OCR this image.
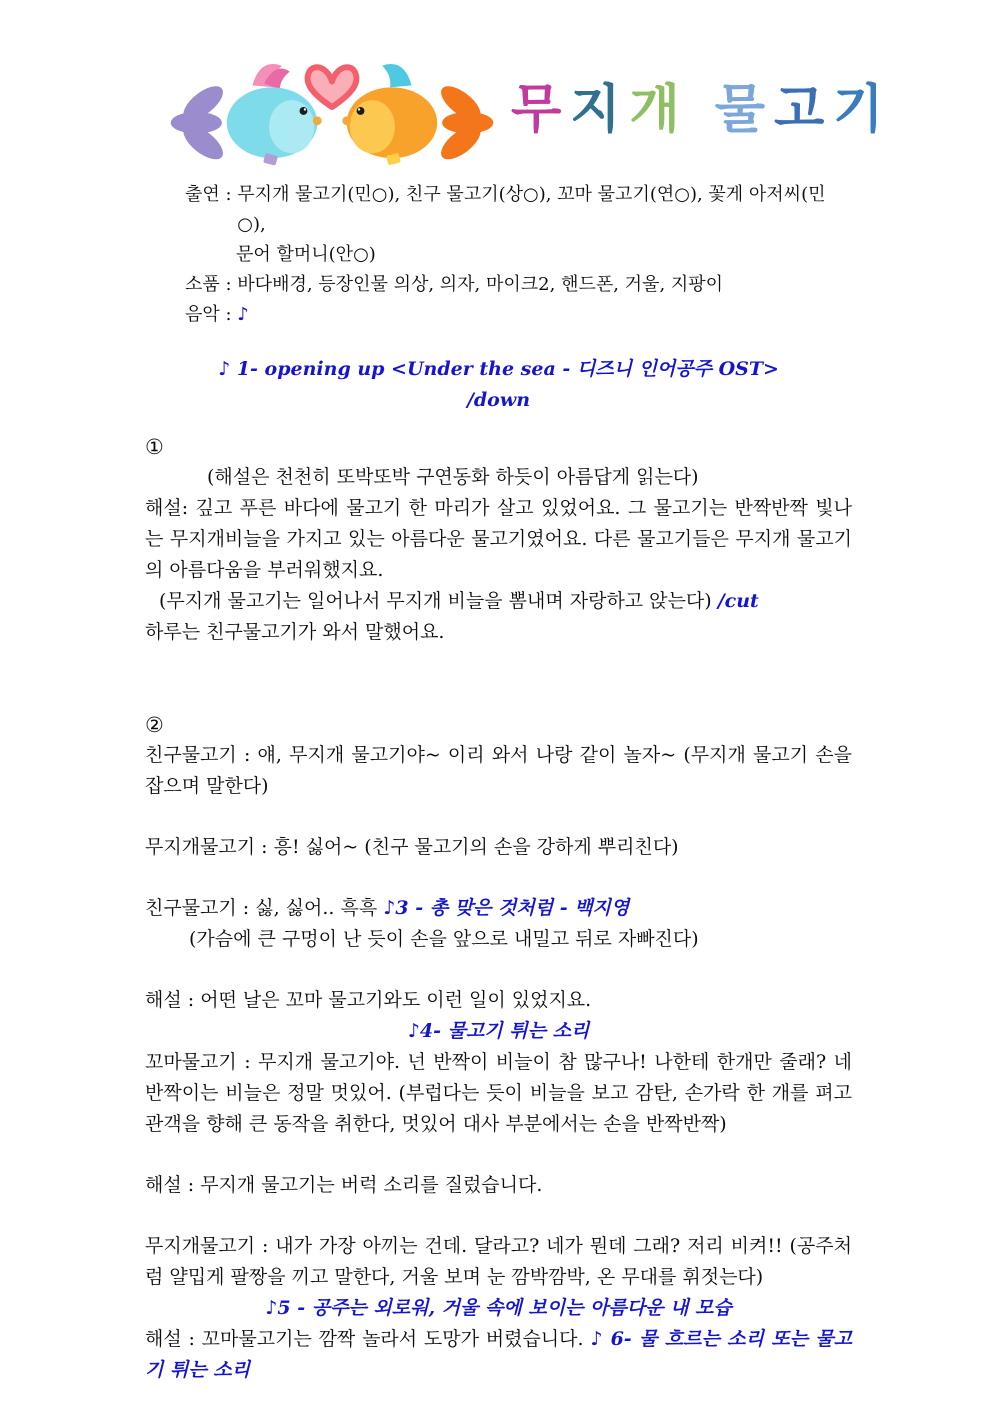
무 지 개 물 고 기
출연 : 무지개 물고기(민○), 친구 물고기(상○), 꼬마 물고기(연○), 꽃게 아저씨(민○),
문어 할머니(안○)
소품 : 바다배경, 등장인물 의상, 의자, 마이크2, 핸드폰, 거울, 지팡이
음악 : ♪

♪ 1- opening up <Under the sea - 디즈니 인어공주 OST>

/down

①

(해설은 천천히 또박또박 구연동화 하듯이 아름답게 읽는다)

해설: 깊고 푸른 바다에 물고기 한 마리가 살고 있었어요. 그 물고기는 반짝반짝 빛나는 무지개비늘을 가지고 있는 아름다운 물고기였어요. 다른 물고기들은 무지개 물고기의 아름다움을 부러워했지요.

(무지개 물고기는 일어나서 무지개 비늘을 뽐내며 자랑하고 앉는다) /cut

하루는 친구물고기가 와서 말했어요.

②

친구물고기 : 얘, 무지개 물고기야~ 이리 와서 나랑 같이 놀자~ (무지개 물고기 손을 잡으며 말한다)

무지개물고기 : 흥! 싫어~ (친구 물고기의 손을 강하게 뿌리친다)

친구물고기 : 싫, 싫어.. 흑흑 ♪3 - 총 맞은 것처럼 - 백지영

(가슴에 큰 구멍이 난 듯이 손을 앞으로 내밀고 뒤로 자빠진다)

해설 : 어떤 날은 꼬마 물고기와도 이런 일이 있었지요.

♪4- 물고기 튀는 소리

꼬마물고기 : 무지개 물고기야. 넌 반짝이 비늘이 참 많구나! 나한테 한개만 줄래? 네 반짝이는 비늘은 정말 멋있어. (부럽다는 듯이 비늘을 보고 감탄, 손가락 한 개를 펴고 관객을 향해 큰 동작을 취한다, 멋있어 대사 부분에서는 손을 반짝반짝)

해설 : 무지개 물고기는 버럭 소리를 질렀습니다.

무지개물고기 : 내가 가장 아끼는 건데. 달라고? 네가 뭔데 그래? 저리 비켜!! (공주처럼 얄밉게 팔짱을 끼고 말한다, 거울 보며 눈 깜박깜박, 온 무대를 휘젓는다)

♪5 - 공주는 외로워, 거울 속에 보이는 아름다운 내 모습

해설 : 꼬마물고기는 깜짝 놀라서 도망가 버렸습니다. ♪ 6- 물 흐르는 소리 또는 물고기 튀는 소리
